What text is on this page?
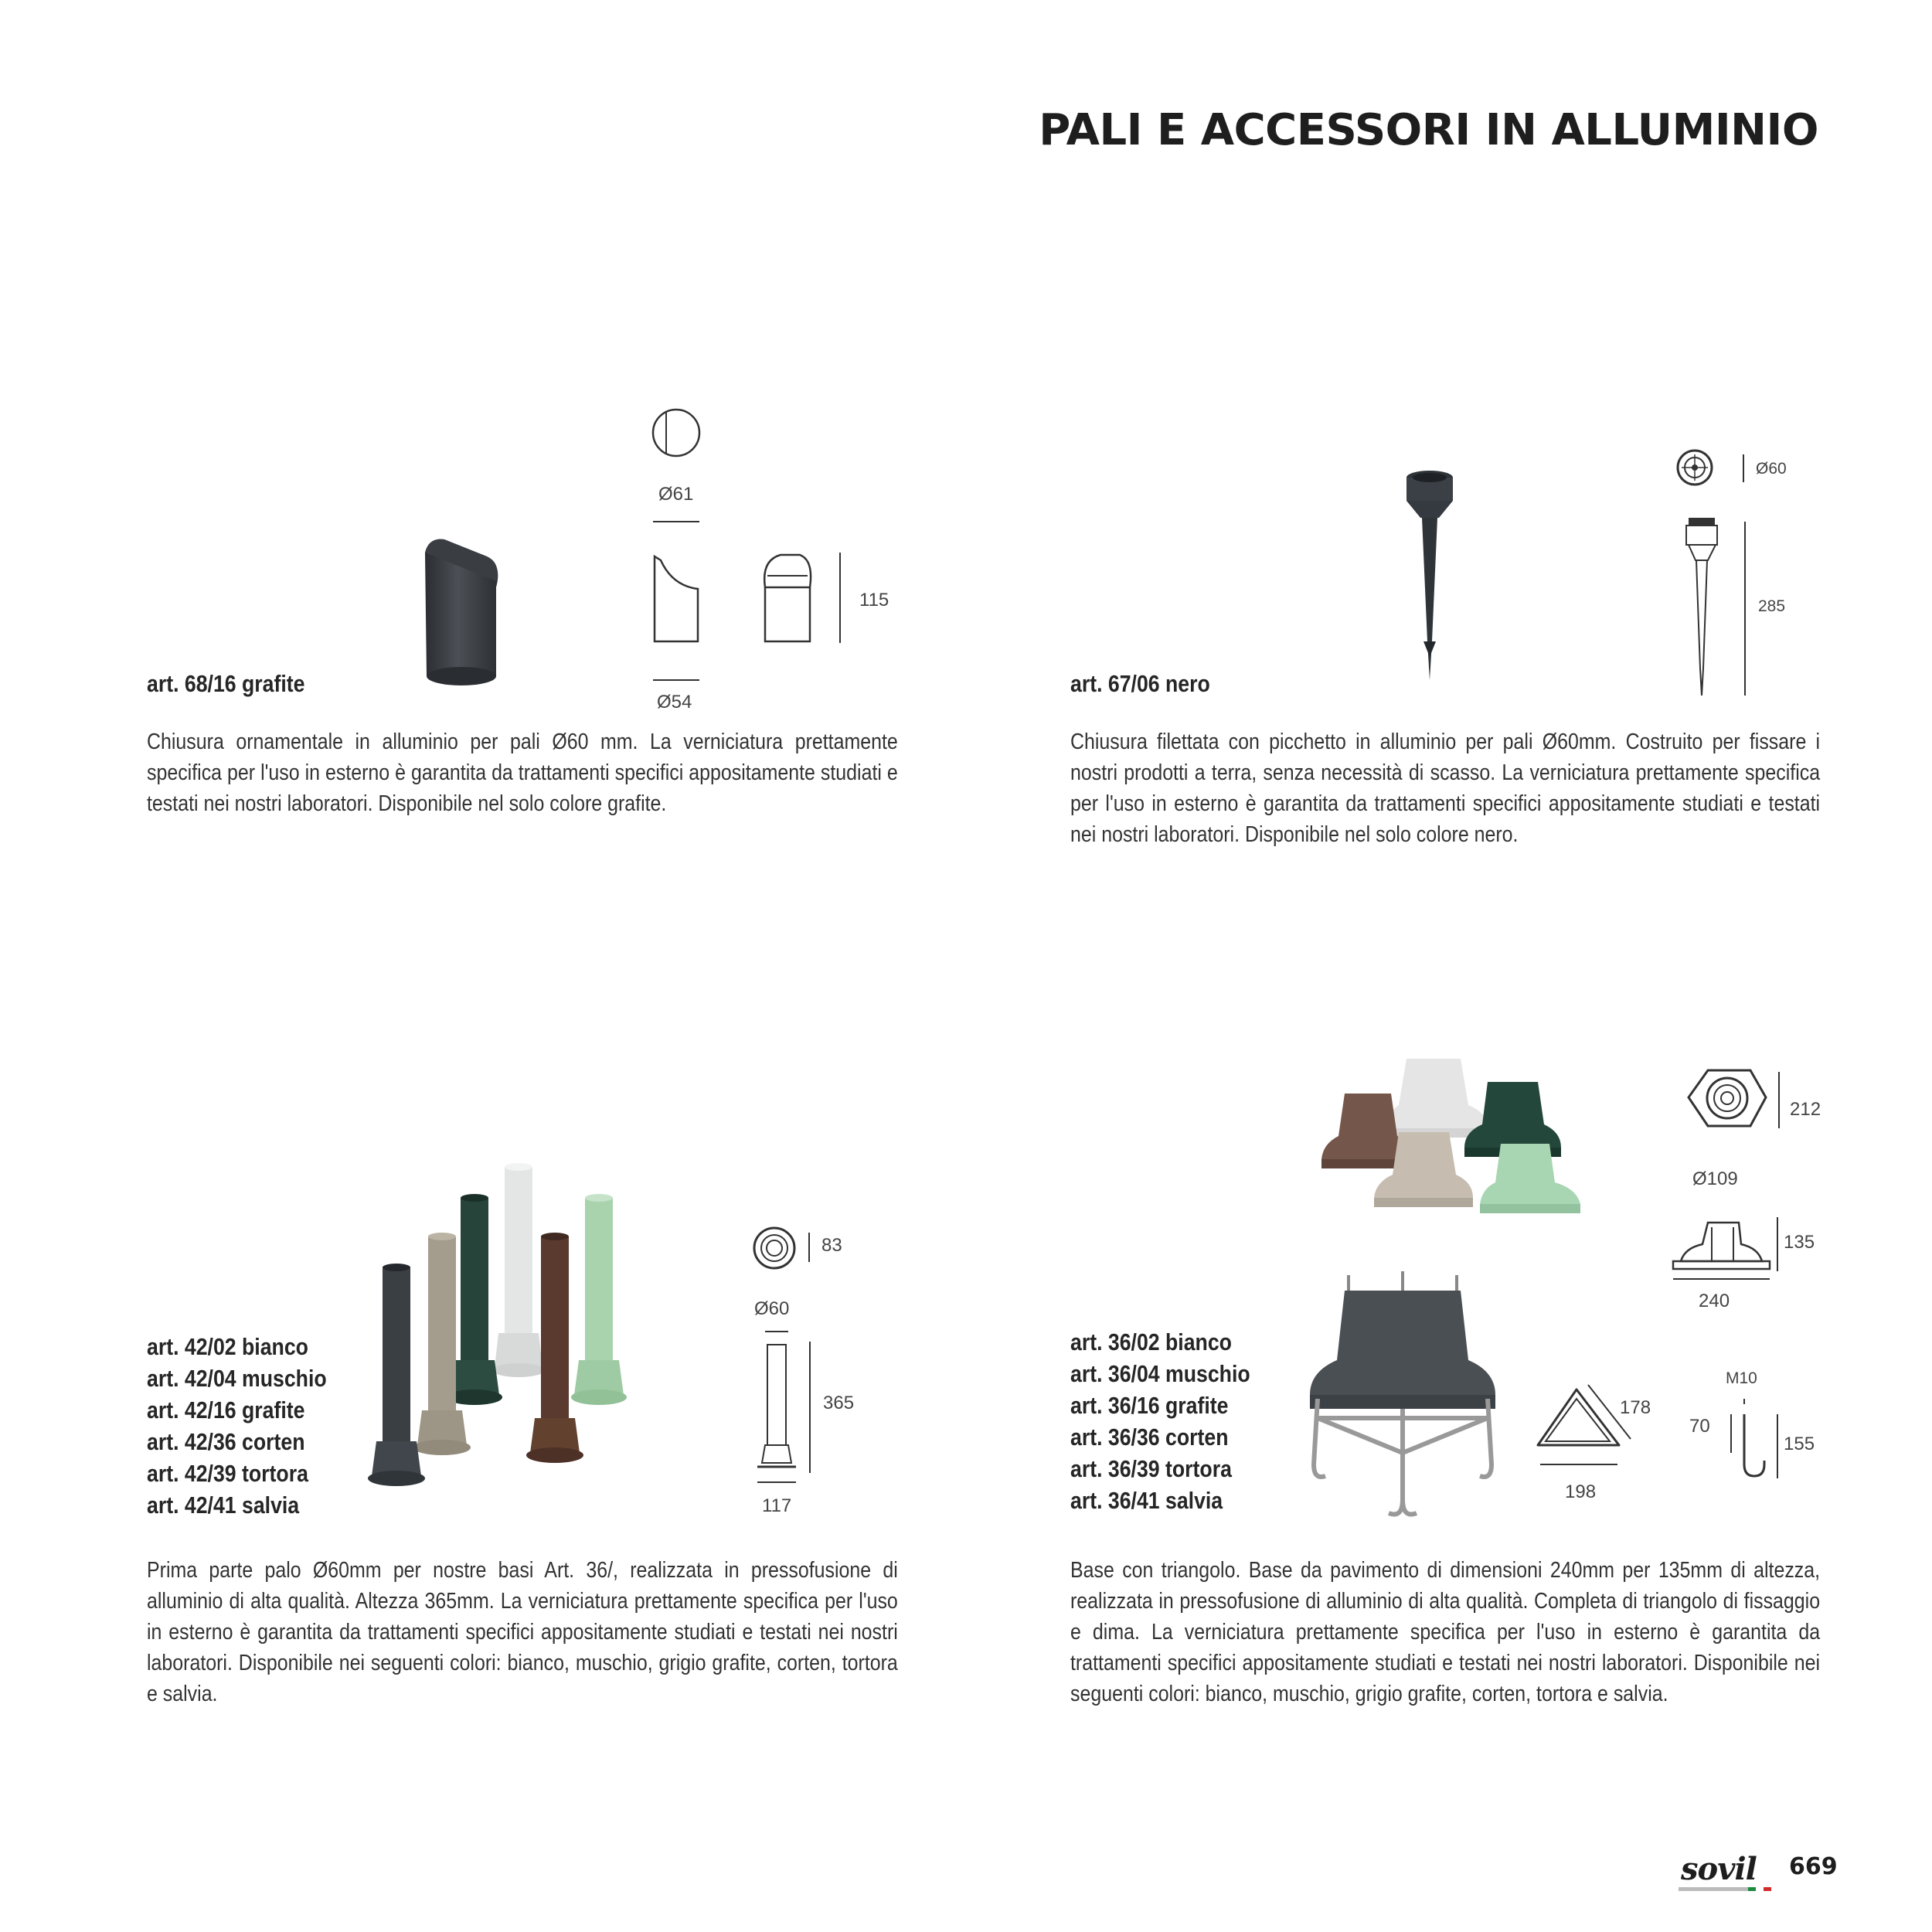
PALI E ACCESSORI IN ALLUMINIO
Ø61
115
Ø54
art. 68/16 grafite

Chiusura ornamentale in alluminio per pali Ø60 mm. La verniciatura prettamente specifica per l'uso in esterno è garantita da trattamenti specifici appositamente studiati e testati nei nostri laboratori. Disponibile nel solo colore grafite.

Ø60
285
art. 67/06 nero

Chiusura filettata con picchetto in alluminio per pali Ø60mm. Costruito per fissare i nostri prodotti a terra, senza necessità di scasso. La verniciatura prettamente specifica per l'uso in esterno è garantita da trattamenti specifici appositamente studiati e testati nei nostri laboratori. Disponibile nel solo colore nero.

83
Ø60
365
117
art. 42/02 bianco
art. 42/04 muschio
art. 42/16 grafite
art. 42/36 corten
art. 42/39 tortora
art. 42/41 salvia

Prima parte palo Ø60mm per nostre basi Art. 36/, realizzata in pressofusione di alluminio di alta qualità. Altezza 365mm. La verniciatura prettamente specifica per l'uso in esterno è garantita da trattamenti specifici appositamente studiati e testati nei nostri laboratori. Disponibile nei seguenti colori: bianco, muschio, grigio grafite, corten, tortora e salvia.

212
Ø109
135
240
178
198
M10
70
155
art. 36/02 bianco
art. 36/04 muschio
art. 36/16 grafite
art. 36/36 corten
art. 36/39 tortora
art. 36/41 salvia

Base con triangolo. Base da pavimento di dimensioni 240mm per 135mm di altezza, realizzata in pressofusione di alluminio di alta qualità. Completa di triangolo di fissaggio e dima. La verniciatura prettamente specifica per l'uso in esterno è garantita da trattamenti specifici appositamente studiati e testati nei nostri laboratori. Disponibile nei seguenti colori: bianco, muschio, grigio grafite, corten, tortora e salvia.

sovil 669
